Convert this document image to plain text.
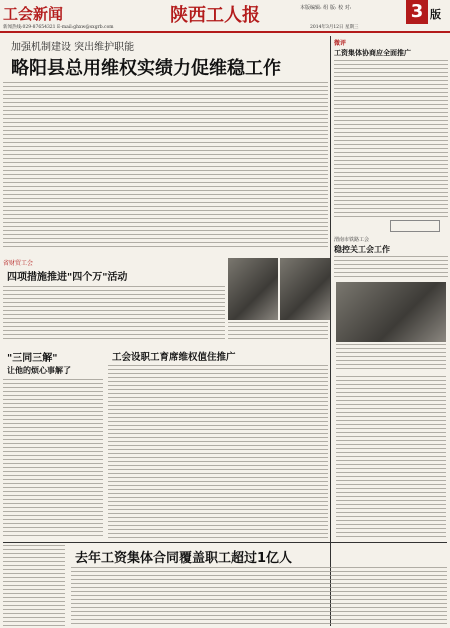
工会新闻	陕西工人报	本版编辑: 组 版: 校 对:	3 版
新闻热线:029-87654321 E-mail:ghxw@sxgrb.com	2014年3月12日 星期三
加强机制建设 突出维护职能
略阳县总用维权实绩力促维稳工作
微评
工资集体协商应全面推广
省财贸工会
四项措施推进"四个万"活动
渭南市铁路工会
稳控关工会工作
"三同三解"
让他的烦心事解了
工会设职工育席维权值住推广
去年工资集体合同覆盖职工超过1亿人
